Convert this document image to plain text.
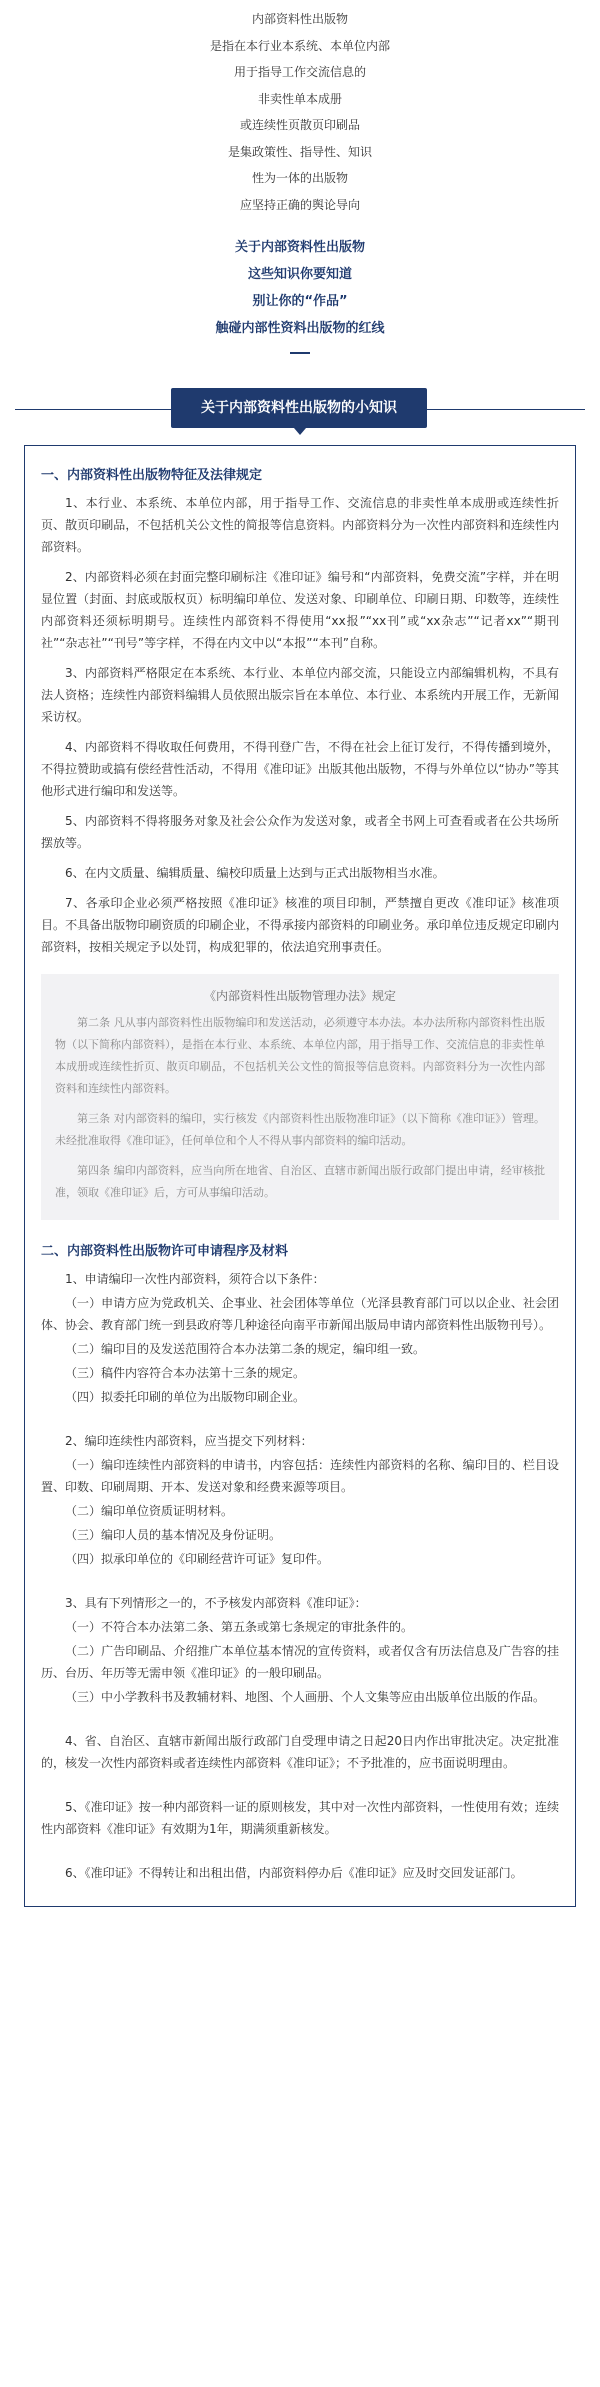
内部资料性出版物

是指在本行业本系统、本单位内部

用于指导工作交流信息的

非卖性单本成册

或连续性页散页印刷品

是集政策性、指导性、知识

性为一体的出版物

应坚持正确的舆论导向

关于内部资料性出版物

这些知识你要知道

别让你的“作品”

触碰内部性资料出版物的红线

关于内部资料性出版物的小知识
一、内部资料性出版物特征及法律规定

1、本行业、本系统、本单位内部，用于指导工作、交流信息的非卖性单本成册或连续性折页、散页印刷品，不包括机关公文性的简报等信息资料。内部资料分为一次性内部资料和连续性内部资料。

2、内部资料必须在封面完整印刷标注《准印证》编号和“内部资料，免费交流”字样，并在明显位置（封面、封底或版权页）标明编印单位、发送对象、印刷单位、印刷日期、印数等，连续性内部资料还须标明期号。连续性内部资料不得使用“xx报”“xx刊”或“xx杂志”“记者xx”“期刊社”“杂志社”“刊号”等字样，不得在内文中以“本报”“本刊”自称。

3、内部资料严格限定在本系统、本行业、本单位内部交流，只能设立内部编辑机构，不具有法人资格；连续性内部资料编辑人员依照出版宗旨在本单位、本行业、本系统内开展工作，无新闻采访权。

4、内部资料不得收取任何费用，不得刊登广告，不得在社会上征订发行，不得传播到境外，不得拉赞助或搞有偿经营性活动，不得用《准印证》出版其他出版物，不得与外单位以“协办”等其他形式进行编印和发送等。

5、内部资料不得将服务对象及社会公众作为发送对象，或者全书网上可查看或者在公共场所摆放等。

6、在内文质量、编辑质量、编校印质量上达到与正式出版物相当水准。

7、各承印企业必须严格按照《准印证》核准的项目印制，严禁擅自更改《准印证》核准项目。不具备出版物印刷资质的印刷企业，不得承接内部资料的印刷业务。承印单位违反规定印刷内部资料，按相关规定予以处罚，构成犯罪的，依法追究刑事责任。

《内部资料性出版物管理办法》规定

第二条 凡从事内部资料性出版物编印和发送活动，必须遵守本办法。本办法所称内部资料性出版物（以下简称内部资料），是指在本行业、本系统、本单位内部，用于指导工作、交流信息的非卖性单本成册或连续性折页、散页印刷品，不包括机关公文性的简报等信息资料。内部资料分为一次性内部资料和连续性内部资料。

第三条 对内部资料的编印，实行核发《内部资料性出版物准印证》（以下简称《准印证》）管理。未经批准取得《准印证》，任何单位和个人不得从事内部资料的编印活动。

第四条 编印内部资料，应当向所在地省、自治区、直辖市新闻出版行政部门提出申请，经审核批准，领取《准印证》后，方可从事编印活动。

二、内部资料性出版物许可申请程序及材料

1、申请编印一次性内部资料，须符合以下条件：

（一）申请方应为党政机关、企事业、社会团体等单位（光泽县教育部门可以以企业、社会团体、协会、教育部门统一到县政府等几种途径向南平市新闻出版局申请内部资料性出版物刊号）。

（二）编印目的及发送范围符合本办法第二条的规定，编印组一致。

（三）稿件内容符合本办法第十三条的规定。

（四）拟委托印刷的单位为出版物印刷企业。

2、编印连续性内部资料，应当提交下列材料：

（一）编印连续性内部资料的申请书，内容包括：连续性内部资料的名称、编印目的、栏目设置、印数、印刷周期、开本、发送对象和经费来源等项目。

（二）编印单位资质证明材料。

（三）编印人员的基本情况及身份证明。

（四）拟承印单位的《印刷经营许可证》复印件。

3、具有下列情形之一的，不予核发内部资料《准印证》：

（一）不符合本办法第二条、第五条或第七条规定的审批条件的。

（二）广告印刷品、介绍推广本单位基本情况的宣传资料，或者仅含有历法信息及广告容的挂历、台历、年历等无需申领《准印证》的一般印刷品。

（三）中小学教科书及教辅材料、地图、个人画册、个人文集等应由出版单位出版的作品。

4、省、自治区、直辖市新闻出版行政部门自受理申请之日起20日内作出审批决定。决定批准的，核发一次性内部资料或者连续性内部资料《准印证》；不予批准的，应书面说明理由。

5、《准印证》按一种内部资料一证的原则核发，其中对一次性内部资料，一性使用有效；连续性内部资料《准印证》有效期为1年，期满须重新核发。

6、《准印证》不得转让和出租出借，内部资料停办后《准印证》应及时交回发证部门。
